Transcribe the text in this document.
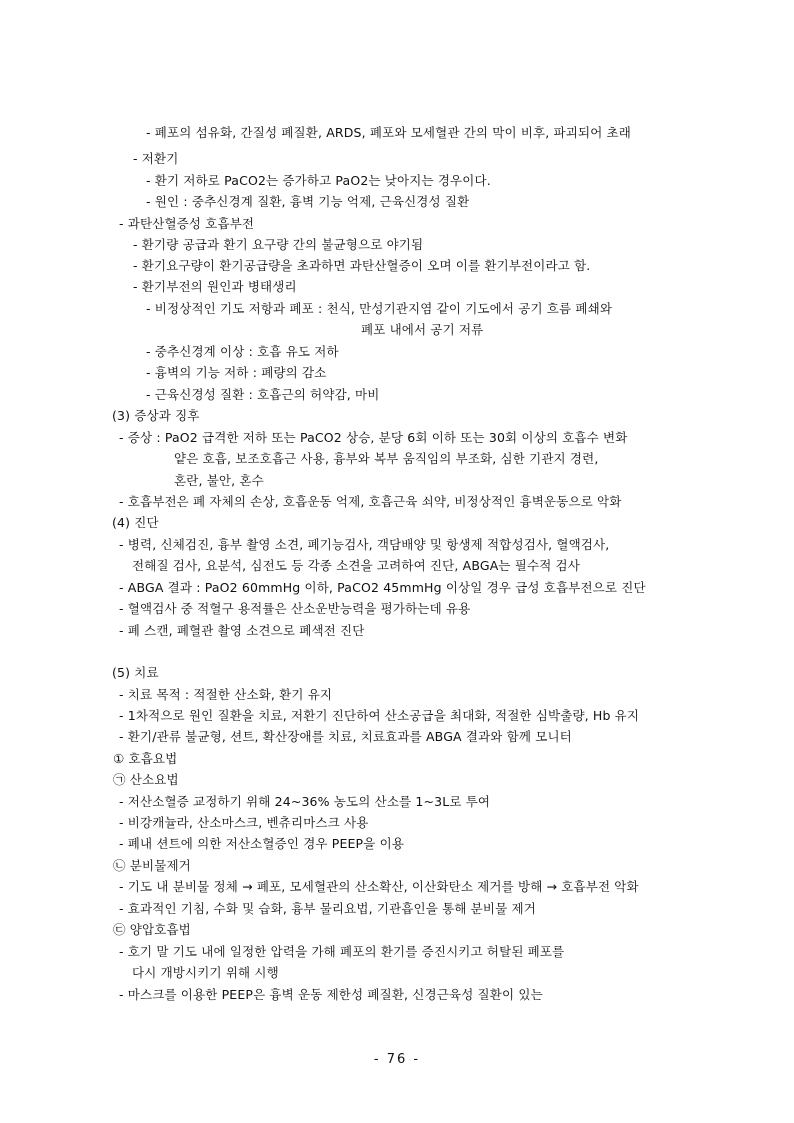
- 폐포의 섬유화, 간질성 폐질환, ARDS, 폐포와 모세혈관 간의 막이 비후, 파괴되어 초래
- 저환기
- 환기 저하로 PaCO2는 증가하고 PaO2는 낮아지는 경우이다.
- 원인 : 중추신경계 질환, 흉벽 기능 억제, 근육신경성 질환
- 과탄산혈증성 호흡부전
- 환기량 공급과 환기 요구량 간의 불균형으로 야기됨
- 환기요구량이 환기공급량을 초과하면 과탄산혈증이 오며 이를 환기부전이라고 함.
- 환기부전의 원인과 병태생리
- 비정상적인 기도 저항과 폐포 : 천식, 만성기관지염 같이 기도에서 공기 흐름 폐쇄와
폐포 내에서 공기 저류
- 중추신경계 이상 : 호흡 유도 저하
- 흉벽의 기능 저하 : 폐량의 감소
- 근육신경성 질환 : 호흡근의 허약감, 마비
(3) 증상과 징후
- 증상 : PaO2 급격한 저하 또는 PaCO2 상승, 분당 6회 이하 또는 30회 이상의 호흡수 변화
얕은 호흡, 보조호흡근 사용, 흉부와 복부 움직임의 부조화, 심한 기관지 경련,
혼란, 불안, 혼수
- 호흡부전은 폐 자체의 손상, 호흡운동 억제, 호흡근육 쇠약, 비정상적인 흉벽운동으로 악화
(4) 진단
- 병력, 신체검진, 흉부 촬영 소견, 폐기능검사, 객담배양 및 항생제 적합성검사, 혈액검사,
전해질 검사, 요분석, 심전도 등 각종 소견을 고려하여 진단, ABGA는 필수적 검사
- ABGA 결과 : PaO2 60mmHg 이하, PaCO2 45mmHg 이상일 경우 급성 호흡부전으로 진단
- 혈액검사 중 적혈구 용적률은 산소운반능력을 평가하는데 유용
- 폐 스캔, 폐혈관 촬영 소견으로 폐색전 진단
(5) 치료
- 치료 목적 : 적절한 산소화, 환기 유지
- 1차적으로 원인 질환을 치료, 저환기 진단하여 산소공급을 최대화, 적절한 심박출량, Hb 유지
- 환기/관류 불균형, 션트, 확산장애를 치료, 치료효과를 ABGA 결과와 함께 모니터
① 호흡요법
㉠ 산소요법
- 저산소혈증 교정하기 위해 24~36% 농도의 산소를 1~3L로 투여
- 비강캐뉼라, 산소마스크, 벤츄리마스크 사용
- 폐내 션트에 의한 저산소혈증인 경우 PEEP을 이용
㉡ 분비물제거
- 기도 내 분비물 정체 → 폐포, 모세혈관의 산소확산, 이산화탄소 제거를 방해 → 호흡부전 악화
- 효과적인 기침, 수화 및 습화, 흉부 물리요법, 기관흡인을 통해 분비물 제거
㉢ 양압호흡법
- 호기 말 기도 내에 일정한 압력을 가해 폐포의 환기를 증진시키고 허탈된 폐포를
다시 개방시키기 위해 시행
- 마스크를 이용한 PEEP은 흉벽 운동 제한성 폐질환, 신경근육성 질환이 있는
- 76 -
